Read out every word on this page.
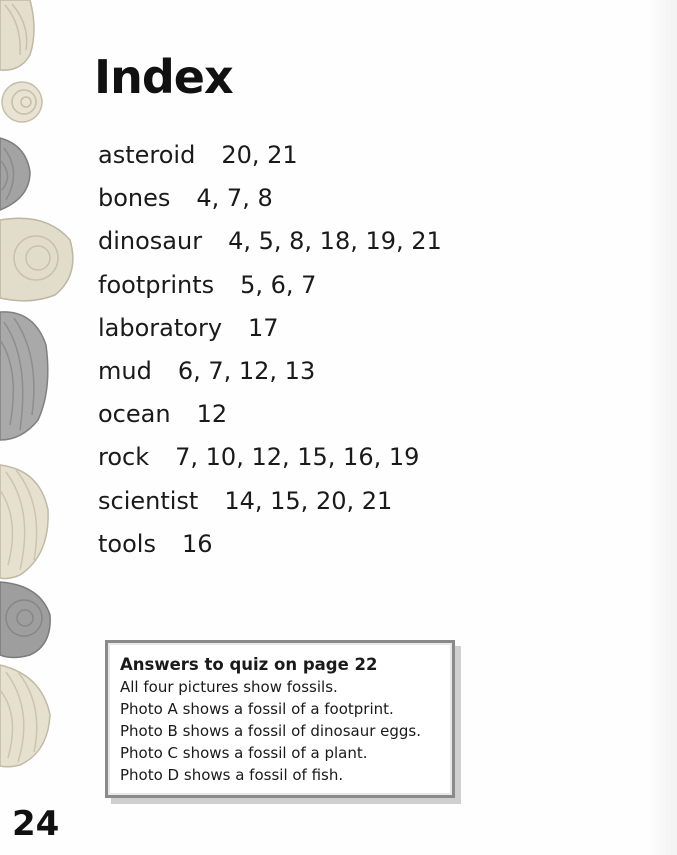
Index
asteroid 20, 21
bones 4, 7, 8
dinosaur 4, 5, 8, 18, 19, 21
footprints 5, 6, 7
laboratory 17
mud 6, 7, 12, 13
ocean 12
rock 7, 10, 12, 15, 16, 19
scientist 14, 15, 20, 21
tools 16
Answers to quiz on page 22
All four pictures show fossils.
Photo A shows a fossil of a footprint.
Photo B shows a fossil of dinosaur eggs.
Photo C shows a fossil of a plant.
Photo D shows a fossil of fish.
24
